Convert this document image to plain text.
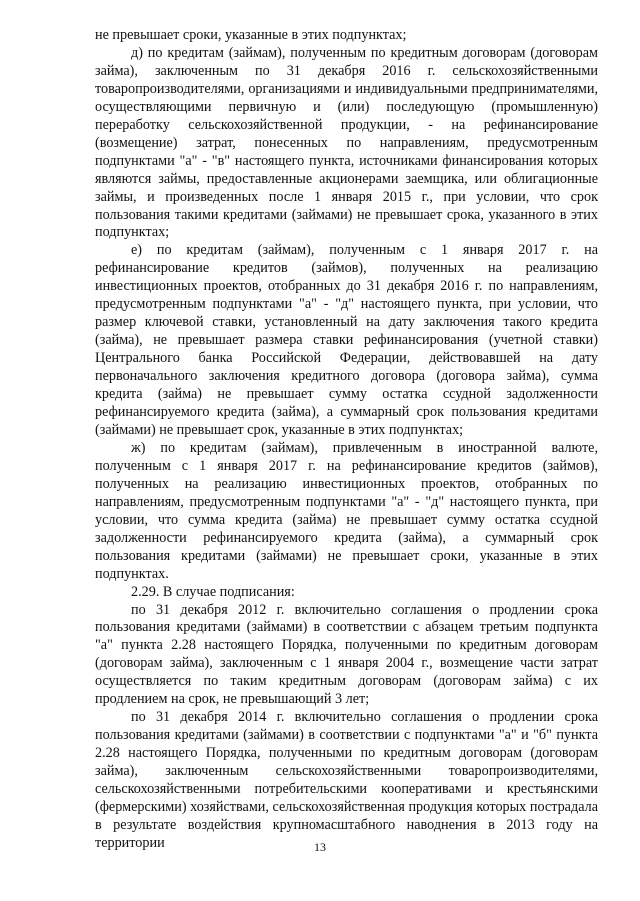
не превышает сроки, указанные в этих подпунктах;

д) по кредитам (займам), полученным по кредитным договорам (договорам займа), заключенным по 31 декабря 2016 г. сельскохозяйственными товаропроизводителями, организациями и индивидуальными предпринимателями, осуществляющими первичную и (или) последующую (промышленную) переработку сельскохозяйственной продукции, - на рефинансирование (возмещение) затрат, понесенных по направлениям, предусмотренным подпунктами "а" - "в" настоящего пункта, источниками финансирования которых являются займы, предоставленные акционерами заемщика, или облигационные займы, и произведенных после 1 января 2015 г., при условии, что срок пользования такими кредитами (займами) не превышает срока, указанного в этих подпунктах;

е) по кредитам (займам), полученным с 1 января 2017 г. на рефинансирование кредитов (займов), полученных на реализацию инвестиционных проектов, отобранных до 31 декабря 2016 г. по направлениям, предусмотренным подпунктами "а" - "д" настоящего пункта, при условии, что размер ключевой ставки, установленный на дату заключения такого кредита (займа), не превышает размера ставки рефинансирования (учетной ставки) Центрального банка Российской Федерации, действовавшей на дату первоначального заключения кредитного договора (договора займа), сумма кредита (займа) не превышает сумму остатка ссудной задолженности рефинансируемого кредита (займа), а суммарный срок пользования кредитами (займами) не превышает срок, указанные в этих подпунктах;

ж) по кредитам (займам), привлеченным в иностранной валюте, полученным с 1 января 2017 г. на рефинансирование кредитов (займов), полученных на реализацию инвестиционных проектов, отобранных по направлениям, предусмотренным подпунктами "а" - "д" настоящего пункта, при условии, что сумма кредита (займа) не превышает сумму остатка ссудной задолженности рефинансируемого кредита (займа), а суммарный срок пользования кредитами (займами) не превышает сроки, указанные в этих подпунктах.

2.29. В случае подписания:

по 31 декабря 2012 г. включительно соглашения о продлении срока пользования кредитами (займами) в соответствии с абзацем третьим подпункта "а" пункта 2.28 настоящего Порядка, полученными по кредитным договорам (договорам займа), заключенным с 1 января 2004 г., возмещение части затрат осуществляется по таким кредитным договорам (договорам займа) с их продлением на срок, не превышающий 3 лет;

по 31 декабря 2014 г. включительно соглашения о продлении срока пользования кредитами (займами) в соответствии с подпунктами "а" и "б" пункта 2.28 настоящего Порядка, полученными по кредитным договорам (договорам займа), заключенным сельскохозяйственными товаропроизводителями, сельскохозяйственными потребительскими кооперативами и крестьянскими (фермерскими) хозяйствами, сельскохозяйственная продукция которых пострадала в результате воздействия крупномасштабного наводнения в 2013 году на территории	13
